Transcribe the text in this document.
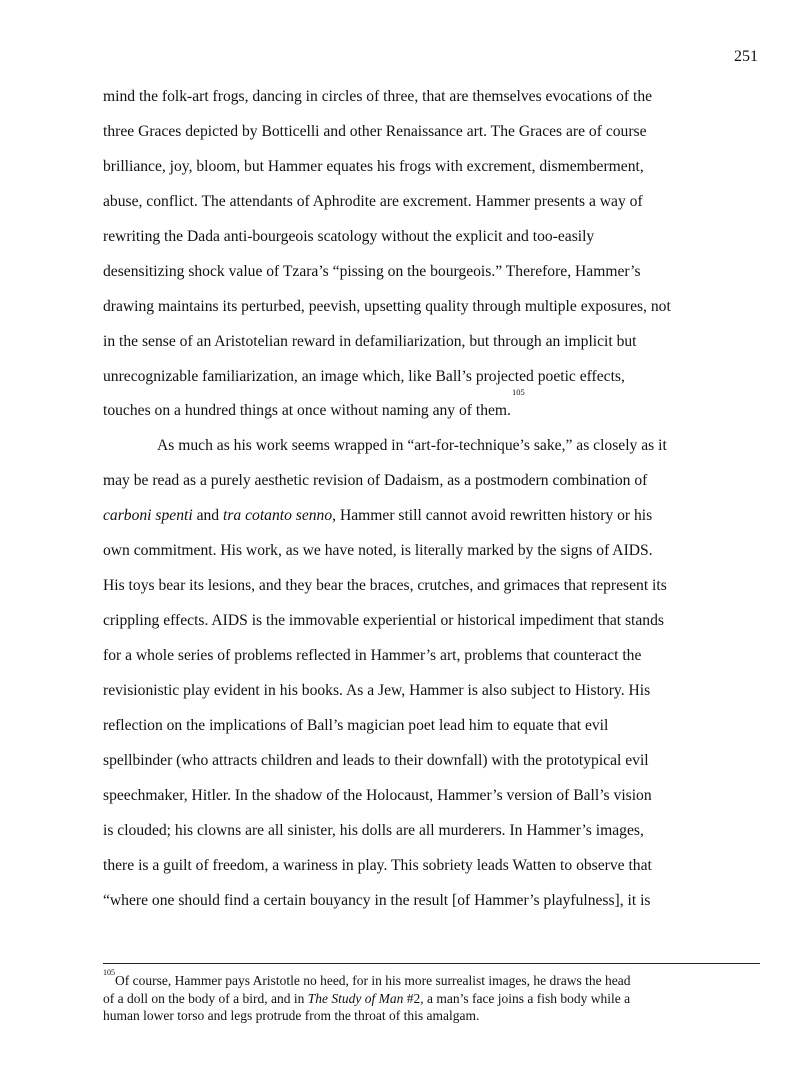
251
mind the folk-art frogs, dancing in circles of three, that are themselves evocations of the
three Graces depicted by Botticelli and other Renaissance art. The Graces are of course
brilliance, joy, bloom, but Hammer equates his frogs with excrement, dismemberment,
abuse, conflict. The attendants of Aphrodite are excrement. Hammer presents a way of
rewriting the Dada anti-bourgeois scatology without the explicit and too-easily
desensitizing shock value of Tzara’s “pissing on the bourgeois.” Therefore, Hammer’s
drawing maintains its perturbed, peevish, upsetting quality through multiple exposures, not
in the sense of an Aristotelian reward in defamiliarization, but through an implicit but
unrecognizable familiarization, an image which, like Ball’s projected poetic effects,
touches on a hundred things at once without naming any of them.$^{105}$
As much as his work seems wrapped in “art-for-technique’s sake,” as closely as it
may be read as a purely aesthetic revision of Dadaism, as a postmodern combination of
carboni spenti and tra cotanto senno, Hammer still cannot avoid rewritten history or his
own commitment. His work, as we have noted, is literally marked by the signs of AIDS.
His toys bear its lesions, and they bear the braces, crutches, and grimaces that represent its
crippling effects. AIDS is the immovable experiential or historical impediment that stands
for a whole series of problems reflected in Hammer’s art, problems that counteract the
revisionistic play evident in his books. As a Jew, Hammer is also subject to History. His
reflection on the implications of Ball’s magician poet lead him to equate that evil
spellbinder (who attracts children and leads to their downfall) with the prototypical evil
speechmaker, Hitler. In the shadow of the Holocaust, Hammer’s version of Ball’s vision
is clouded; his clowns are all sinister, his dolls are all murderers. In Hammer’s images,
there is a guilt of freedom, a wariness in play. This sobriety leads Watten to observe that
“where one should find a certain bouyancy in the result [of Hammer’s playfulness], it is
$^{105}$Of course, Hammer pays Aristotle no heed, for in his more surrealist images, he draws the head
of a doll on the body of a bird, and in The Study of Man #2, a man’s face joins a fish body while a
human lower torso and legs protrude from the throat of this amalgam.
